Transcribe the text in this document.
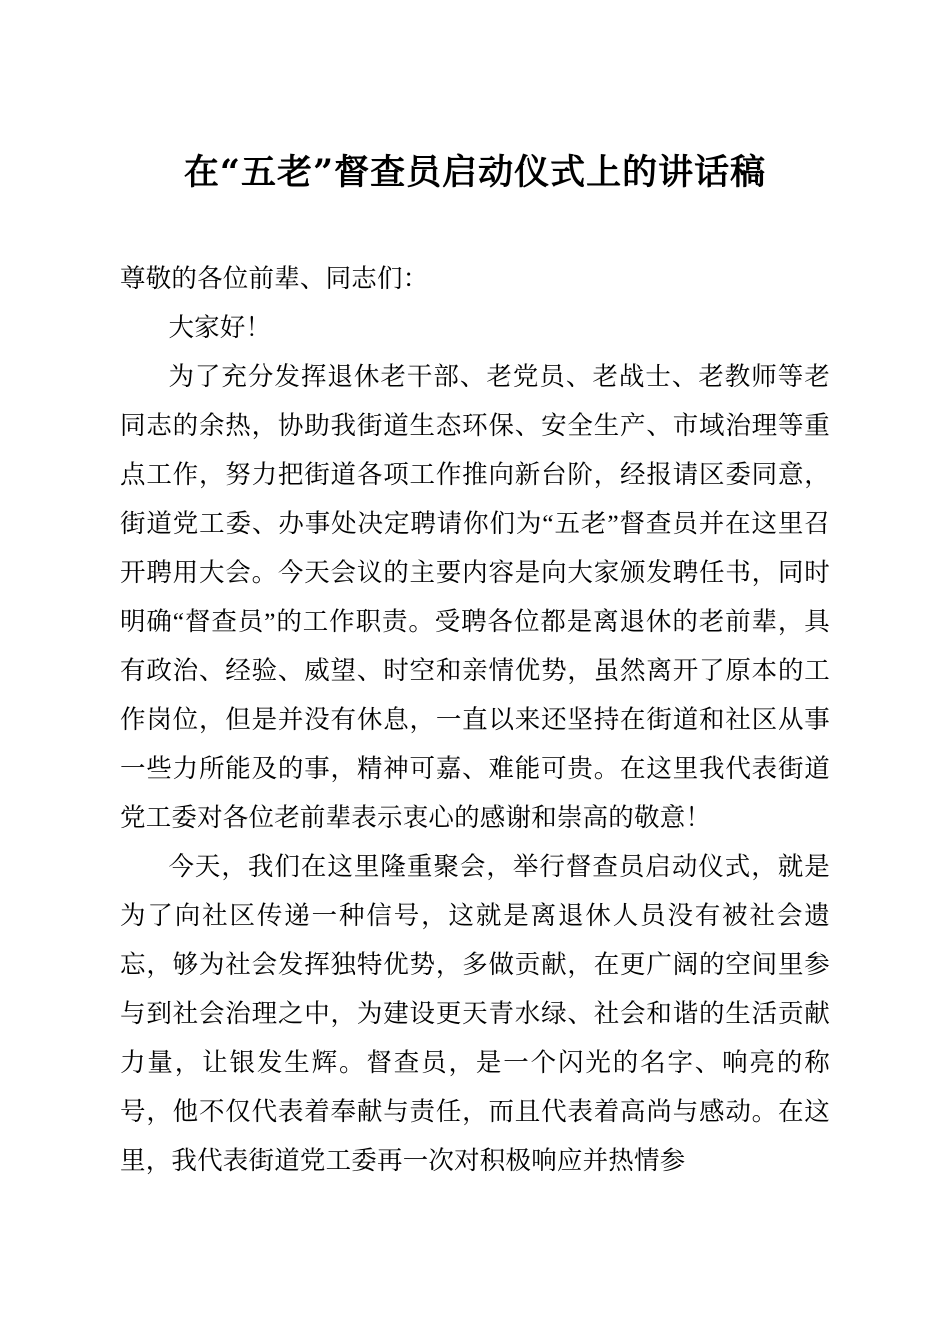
在“五老”督查员启动仪式上的讲话稿

尊敬的各位前辈、同志们：

大家好！

为了充分发挥退休老干部、老党员、老战士、老教师等老同志的余热，协助我街道生态环保、安全生产、市域治理等重点工作，努力把街道各项工作推向新台阶，经报请区委同意，街道党工委、办事处决定聘请你们为“五老”督查员并在这里召开聘用大会。今天会议的主要内容是向大家颁发聘任书，同时明确“督查员”的工作职责。受聘各位都是离退休的老前辈，具有政治、经验、威望、时空和亲情优势，虽然离开了原本的工作岗位，但是并没有休息，一直以来还坚持在街道和社区从事一些力所能及的事，精神可嘉、难能可贵。在这里我代表街道党工委对各位老前辈表示衷心的感谢和崇高的敬意！

今天，我们在这里隆重聚会，举行督查员启动仪式，就是为了向社区传递一种信号，这就是离退休人员没有被社会遗忘，够为社会发挥独特优势，多做贡献，在更广阔的空间里参与到社会治理之中，为建设更天青水绿、社会和谐的生活贡献力量，让银发生辉。督查员，是一个闪光的名字、响亮的称号，他不仅代表着奉献与责任，而且代表着高尚与感动。在这里，我代表街道党工委再一次对积极响应并热情参
